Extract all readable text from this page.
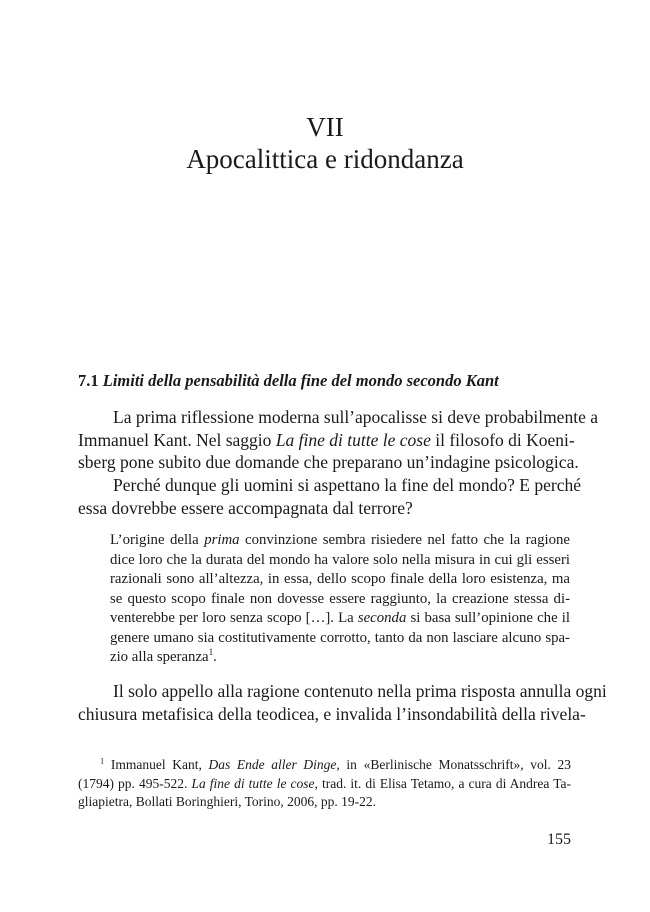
VII
Apocalittica e ridondanza
7.1 Limiti della pensabilità della fine del mondo secondo Kant
La prima riflessione moderna sull’apocalisse si deve probabilmente a
Immanuel Kant. Nel saggio La fine di tutte le cose il filosofo di Koeni-
sberg pone subito due domande che preparano un’indagine psicologica.
Perché dunque gli uomini si aspettano la fine del mondo? E perché
essa dovrebbe essere accompagnata dal terrore?
L’origine della prima convinzione sembra risiedere nel fatto che la ragione
dice loro che la durata del mondo ha valore solo nella misura in cui gli esseri
razionali sono all’altezza, in essa, dello scopo finale della loro esistenza, ma
se questo scopo finale non dovesse essere raggiunto, la creazione stessa di-
venterebbe per loro senza scopo […]. La seconda si basa sull’opinione che il
genere umano sia costitutivamente corrotto, tanto da non lasciare alcuno spa-
zio alla speranza$^1$.
Il solo appello alla ragione contenuto nella prima risposta annulla ogni
chiusura metafisica della teodicea, e invalida l’insondabilità della rivela-
$^1$ Immanuel Kant, Das Ende aller Dinge, in «Berlinische Monatsschrift», vol. 23
(1794) pp. 495-522. La fine di tutte le cose, trad. it. di Elisa Tetamo, a cura di Andrea Ta-
gliapietra, Bollati Boringhieri, Torino, 2006, pp. 19-22.
155
